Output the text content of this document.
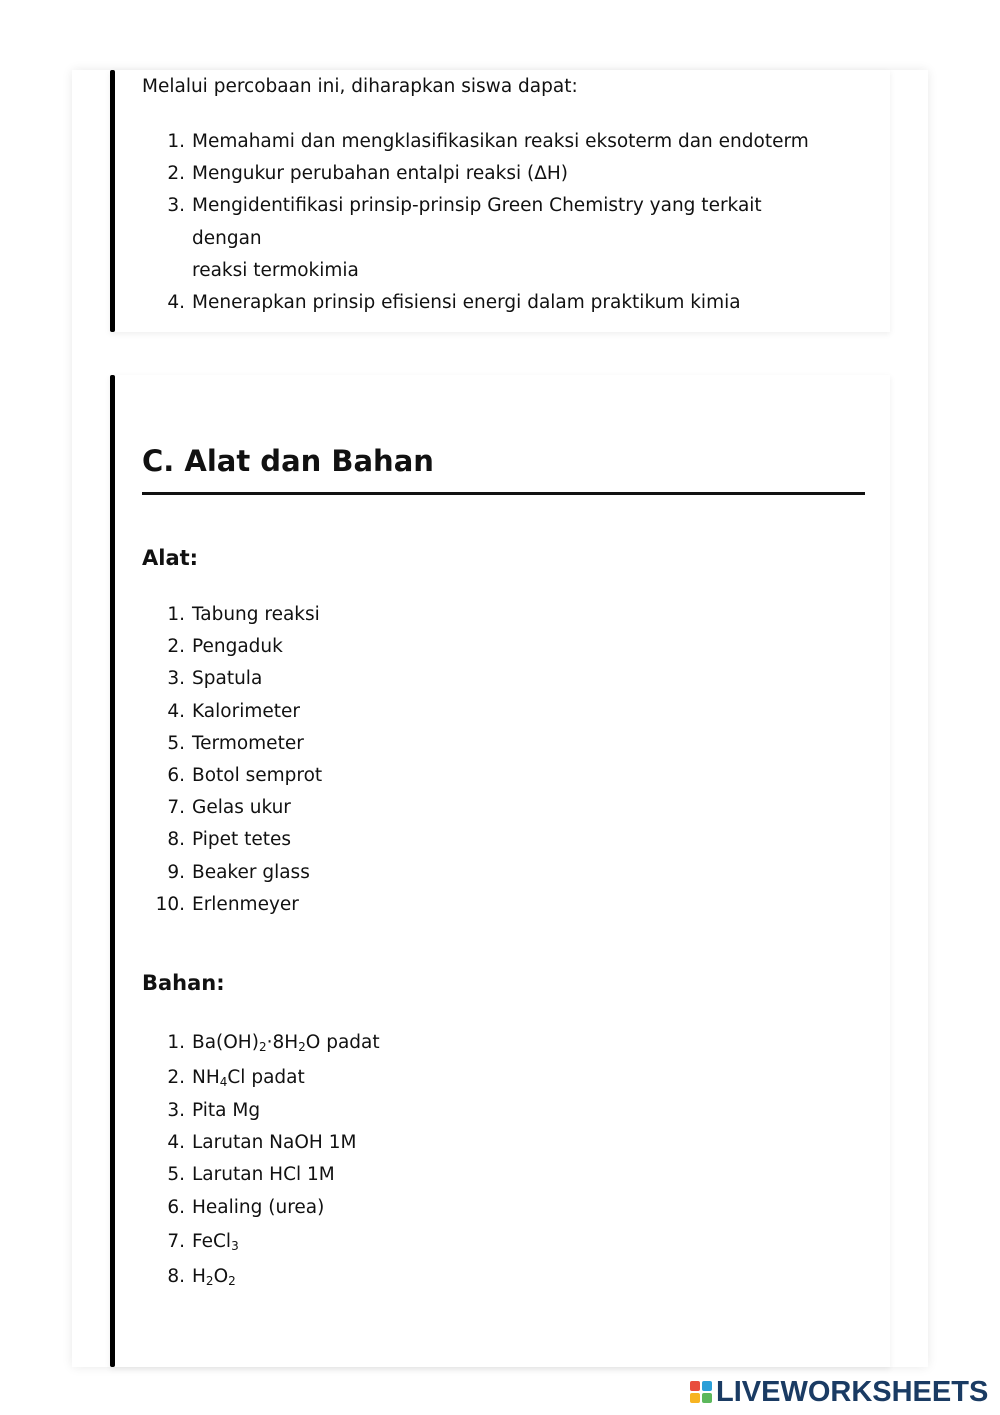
Melalui percobaan ini, diharapkan siswa dapat:

1. Memahami dan mengklasifikasikan reaksi eksoterm dan endoterm
2. Mengukur perubahan entalpi reaksi (ΔH)
3. Mengidentifikasi prinsip-prinsip Green Chemistry yang terkait dengan
reaksi termokimia
4. Menerapkan prinsip efisiensi energi dalam praktikum kimia
C. Alat dan Bahan
Alat:
1. Tabung reaksi
2. Pengaduk
3. Spatula
4. Kalorimeter
5. Termometer
6. Botol semprot
7. Gelas ukur
8. Pipet tetes
9. Beaker glass
10. Erlenmeyer
Bahan:
1. $Ba(OH)_2\cdot 8H_2O$ padat
2. $NH_4Cl$ padat
3. Pita Mg
4. Larutan NaOH 1M
5. Larutan HCl 1M
6. Healing (urea)
7. FeCl$_3$
8. $H_2O_2$
LIVEWORKSHEETS
